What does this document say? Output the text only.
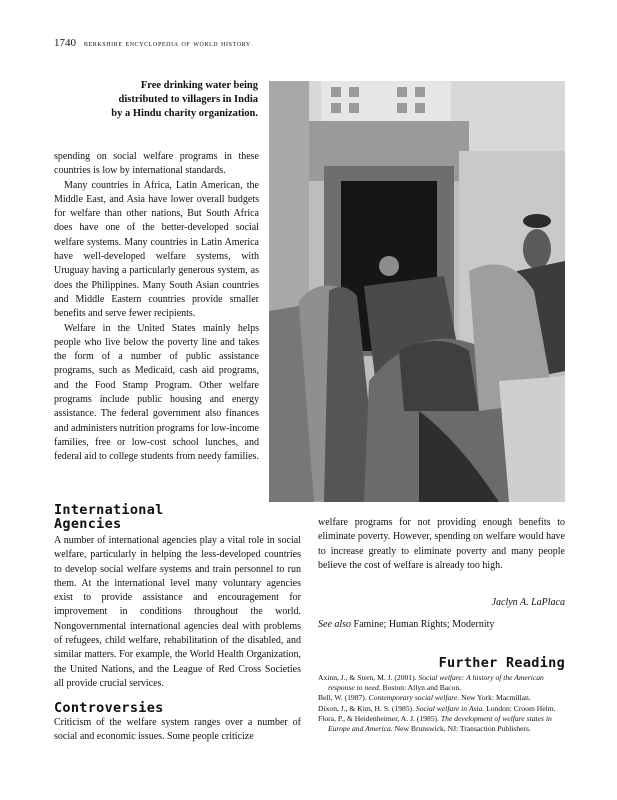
1740 berkshire encyclopedia of world history
Free drinking water being
distributed to villagers in India
by a Hindu charity organization.

spending on social welfare programs in these countries is low by international standards.

Many countries in Africa, Latin American, the Middle East, and Asia have lower overall budgets for welfare than other nations, But South Africa does have one of the better-developed social welfare systems. Many countries in Latin America have well-developed welfare systems, with Uruguay having a particularly generous system, as does the Philippines. Many South Asian countries and Middle Eastern countries provide smaller benefits and serve fewer recipients.

Welfare in the United States mainly helps people who live below the poverty line and takes the form of a number of public assistance programs, such as Medicaid, cash aid programs, and the Food Stamp Program. Other welfare programs include public housing and energy assistance. The federal government also finances and administers nutrition programs for low-income families, free or low-cost school lunches, and federal aid to college students from needy families.

International
Agencies

A number of international agencies play a vital role in social welfare, particularly in helping the less-developed countries to develop social welfare systems and train personnel to run them. At the international level many voluntary agencies exist to provide assistance and encouragement for improvement in conditions throughout the world. Nongovernmental international agencies deal with problems of refugees, child welfare, rehabilitation of the disabled, and similar matters. For example, the World Health Organization, the United Nations, and the League of Red Cross Societies all provide crucial services.

Controversies

Criticism of the welfare system ranges over a number of social and economic issues. Some people criticize

welfare programs for not providing enough benefits to eliminate poverty. However, spending on welfare would have to increase greatly to eliminate poverty and many people believe the cost of welfare is already too high.

Jaclyn A. LaPlaca
See also Famine; Human Rights; Modernity
Further Reading
Axinn, J., & Stern, M. J. (2001). Social welfare: A history of the American response to need. Boston: Allyn and Bacon.
Bell, W. (1987). Contemporary social welfare. New York: Macmillan.
Dixon, J., & Kim, H. S. (1985). Social welfare in Asia. London: Croom Helm.
Flora, P., & Heidenheimer, A. J. (1985). The development of welfare states in Europe and America. New Brunswick, NJ: Transaction Publishers.
